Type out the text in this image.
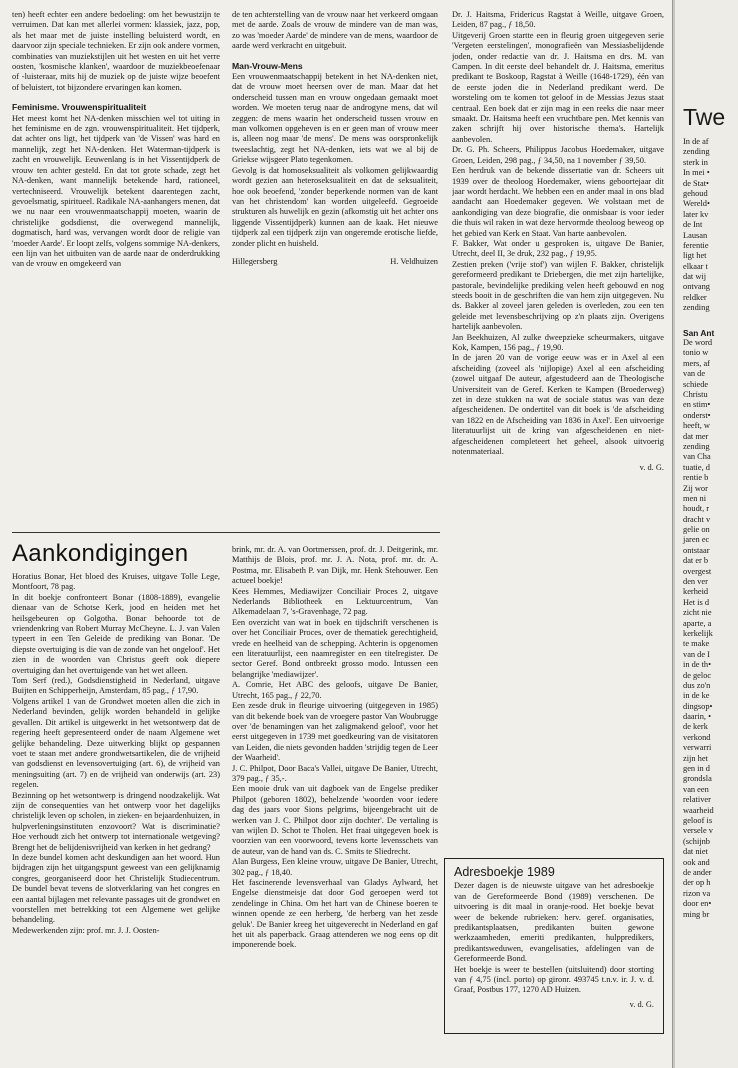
ten) heeft echter een andere bedoeling: om het bewustzijn te verruimen. Dat kan met allerlei vormen: klassiek, jazz, pop, als het maar met de juiste instelling beluisterd wordt, en daarvoor zijn speciale technieken. Er zijn ook andere vormen, combinaties van muziekstijlen uit het westen en uit het verre oosten, 'kosmische klanken', waardoor de muziekbeoefenaar of -luisteraar, mits hij de muziek op de juiste wijze beoefent of beluistert, tot bijzondere ervaringen kan komen.

Feminisme. Vrouwenspiritualiteit

Het meest komt het NA-denken misschien wel tot uiting in het feminisme en de zgn. vrouwenspiritualiteit. Het tijdperk, dat achter ons ligt, het tijdperk van 'de Vissen' was hard en mannelijk, zegt het NA-denken. Het Waterman-tijdperk is zacht en vrouwelijk. Eeuwenlang is in het Vissentijdperk de vrouw ten achter gesteld. En dat tot grote schade, zegt het NA-denken, want mannelijk betekende hard, rationeel, vertechniseerd. Vrouwelijk betekent daarentegen zacht, gevoelsmatig, spiritueel. Radikale NA-aanhangers menen, dat we nu naar een vrouwenmaatschappij moeten, waarin de christelijke godsdienst, die overwegend mannelijk, dogmatisch, hard was, vervangen wordt door de religie van 'moeder Aarde'. Er loopt zelfs, volgens sommige NA-denkers, een lijn van het uitbuiten van de aarde naar de onderdrukking van de vrouw en omgekeerd van

de ten achterstelling van de vrouw naar het verkeerd omgaan met de aarde. Zoals de vrouw de mindere van de man was, zo was 'moeder Aarde' de mindere van de mens, waardoor de aarde werd verkracht en uitgebuit.

Man-Vrouw-Mens

Een vrouwenmaatschappij betekent in het NA-denken niet, dat de vrouw moet heersen over de man. Maar dat het onderscheid tussen man en vrouw ongedaan gemaakt moet worden. We moeten terug naar de androgyne mens, dat wil zeggen: de mens waarin het onderscheid tussen vrouw en man volkomen opgeheven is en er geen man of vrouw meer is, alleen nog maar 'de mens'. De mens was oorspronkelijk tweeslachtig, zegt het NA-denken, iets wat we al bij de Griekse wijsgeer Plato tegenkomen.

Gevolg is dat homoseksualiteit als volkomen gelijkwaardig wordt gezien aan heteroseksualiteit en dat de seksualiteit, hoe ook beoefend, 'zonder beperkende normen van de kant van het christendom' kan worden uitgeleefd. Gegroeide strukturen als huwelijk en gezin (afkomstig uit het achter ons liggende Vissentijdperk) kunnen aan de kaak. Het nieuwe tijdperk zal een tijdperk zijn van ongeremde erotische liefde, zonder plicht en huisheld.

Hillegersberg	H. Veldhuizen

Dr. J. Haitsma, Fridericus Ragstat à Weille, uitgave Groen, Leiden, 87 pag., ƒ 18,50.

Uitgeverij Groen startte een in fleurig groen uitgegeven serie 'Vergeten eerstelingen', monografieën van Messiasbelijdende joden, onder redactie van dr. J. Haitsma en drs. M. van Campen. In dit eerste deel behandelt dr. J. Haitsma, emeritus predikant te Boskoop, Ragstat à Weille (1648-1729), één van de eerste joden die in Nederland predikant werd. De worsteling om te komen tot geloof in de Messias Jezus staat centraal. Een boek dat er zijn mag in een reeks die naar meer smaakt. Dr. Haitsma heeft een vruchtbare pen. Met kennis van zaken schrijft hij over historische thema's. Hartelijk aanbevolen.

Dr. G. Ph. Scheers, Philippus Jacobus Hoedemaker, uitgave Groen, Leiden, 298 pag., ƒ 34,50, na 1 november ƒ 39,50.

Een herdruk van de bekende dissertatie van dr. Scheers uit 1939 over de theoloog Hoedemaker, wiens geboortejaar dit jaar wordt herdacht. We hebben een en ander maal in ons blad aandacht aan Hoedemaker gegeven. We volstaan met de aankondiging van deze biografie, die onmisbaar is voor ieder die thuis wil raken in wat deze hervormde theoloog beweog op het gebied van Kerk en Staat. Van harte aanbevolen.

F. Bakker, Wat onder u gesproken is, uitgave De Banier, Utrecht, deel II, 3e druk, 232 pag., ƒ 19,95.

Zestien preken ('vrije stof') van wijlen F. Bakker, christelijk gereformeerd predikant te Driebergen, die met zijn hartelijke, pastorale, bevindelijke prediking velen heeft gebouwd en nog steeds booit in de geschriften die van hem zijn uitgegeven. Nu ds. Bakker al zoveel jaren geleden is overleden, zou een ten geleide met levensbeschrijving op z'n plaats zijn. Overigens hartelijk aanbevolen.

Jan Beekhuizen, Al zulke dweepzieke scheurmakers, uitgave Kok, Kampen, 156 pag., ƒ 19,90.

In de jaren 20 van de vorige eeuw was er in Axel al een afscheiding (zoveel als 'nijlopige) Axel al een afscheiding (zowel uitgaaf De auteur, afgestudeerd aan de Theologische Universiteit van de Geref. Kerken te Kampen (Broederweg) zet in deze stukken na wat de sociale status was van deze afgescheidenen. De ondertitel van dit boek is 'de afscheiding van 1822 en de Afscheiding van 1836 in Axel'. Een uitvoerige literatuurlijst uit de kring van afgescheidenen en niet-afgescheidenen completeert het geheel, alsook uitvoerig notenmateriaal.

v. d. G.
Aankondigingen

Horatius Bonar, Het bloed des Kruises, uitgave Tolle Lege, Montfoort, 78 pag.

In dit boekje confronteert Bonar (1808-1889), evangelie dienaar van de Schotse Kerk, jood en heiden met het heilsgebeuren op Golgotha. Bonar behoorde tot de vriendenkring van Robert Murray McCheyne. L. J. van Valen typeert in een Ten Geleide de prediking van Bonar. 'De diepste overtuiging is die van de zonde van het ongeloof'. Het zien in de woorden van Christus geeft ook diepere overtuiging dan het overtuigende van het wet alleen.

Tom Serf (red.), Godsdienstigheid in Nederland, uitgave Buijten en Schipperheijn, Amsterdam, 85 pag., ƒ 17,90.

Volgens artikel 1 van de Grondwet moeten allen die zich in Nederland bevinden, gelijk worden behandeld in gelijke gevallen. Dit artikel is uitgewerkt in het wetsontwerp dat de regering heeft gepresenteerd onder de naam Algemene wet gelijke behandeling. Deze uitwerking blijkt op gespannen voet te staan met andere grondwetsartikelen, die de vrijheid van godsdienst en levensovertuiging (art. 6), de vrijheid van meningsuiting (art. 7) en de vrijheid van onderwijs (art. 23) regelen.

Bezinning op het wetsontwerp is dringend noodzakelijk. Wat zijn de consequenties van het ontwerp voor het dagelijks christelijk leven op scholen, in zieken- en bejaardenhuizen, in hulpverleningsinstituten enzovoort? Wat is discriminatie? Hoe verhoudt zich het ontwerp tot internationale wetgeving? Brengt het de belijdenisvrijheid van kerken in het gedrang?

In deze bundel komen acht deskundigen aan het woord. Hun bijdragen zijn het uitgangspunt geweest van een gelijknamig congres, georganiseerd door het Christelijk Studiecentrum. De bundel bevat tevens de slotverklaring van het congres en een aantal bijlagen met relevante passages uit de grondwet en voorstellen met betrekking tot een Algemene wet gelijke behandeling.

Medewerkenden zijn: prof. mr. J. J. Oosten-

brink, mr. dr. A. van Oortmerssen, prof. dr. J. Deitgerink, mr. Matthijs de Blois, prof. mr. J. A. Nota, prof. mr. dr. A. Postma, mr. Elisabeth P. van Dijk, mr. Henk Stehouwer. Een actueel boekje!

Kees Hemmes, Mediawijzer Conciliair Proces 2, uitgave Nederlands Bibliotheek en Lektuurcentrum, Van Alkemadelaan 7, 's-Gravenhage, 72 pag.

Een overzicht van wat in boek en tijdschrift verschenen is over het Conciliair Proces, over de thematiek gerechtigheid, vrede en heelheid van de schepping. Achterin is opgenomen een literatuurlijst, een naamregister en een titelregister. De sector Geref. Bond ontbreekt grosso modo. Intussen een belangrijke 'mediawijzer'.

A. Comrie, Het ABC des geloofs, uitgave De Banier, Utrecht, 165 pag., ƒ 22,70.

Een zesde druk in fleurige uitvoering (uitgegeven in 1985) van dit bekende boek van de vroegere pastor Van Woubrugge over 'de benamingen van het zaligmakend geloof', voor het eerst uitgegeven in 1739 met goedkeuring van de visitatoren van Leiden, die niets gevonden hadden 'strijdig tegen de Leer der Waarheid'.

J. C. Philpot, Door Baca's Vallei, uitgave De Banier, Utrecht, 379 pag., ƒ 35,-.

Een mooie druk van uit dagboek van de Engelse prediker Philpot (geboren 1802), behelzende 'woorden voor iedere dag des jaars voor Sions pelgrims, bijeengebracht uit de werken van J. C. Philpot door zijn dochter'. De vertaling is van wijlen D. Schot te Tholen. Het fraai uitgegeven boek is voorzien van een voorwoord, tevens korte levensschets van de auteur, van de hand van ds. C. Smits te Sliedrecht.

Alan Burgess, Een kleine vrouw, uitgave De Banier, Utrecht, 302 pag., ƒ 18,40.

Het fascinerende levensverhaal van Gladys Aylward, het Engelse dienstmeisje dat door God geroepen werd tot zendelinge in China. Om het hart van de Chinese boeren te winnen opende ze een herberg, 'de herberg van het zesde geluk'. De Banier kreeg het uitgeverecht in Nederland en gaf het uit als paperback. Graag attenderen we nog eens op dit imponerende boek.

Adresboekje 1989

Dezer dagen is de nieuwste uitgave van het adresboekje van de Gereformeerde Bond (1989) verschenen. De uitvoering is dit maal in oranje-rood. Het boekje bevat weer de bekende rubrieken: herv. geref. organisaties, predikantsplaatsen, predikanten buiten gewone werkzaamheden, emeriti predikanten, hulppredikers, predikantsweduwen, evangelisaties, afdelingen van de Gereformeerde Bond.

Het boekje is weer te bestellen (uitsluitend) door storting van ƒ 4,75 (incl. porto) op gironr. 493745 t.n.v. ir. J. v. d. Graaf, Postbus 177, 1270 AD Huizen.

v. d. G.
Twe
In de af
zending
sterk in
In mei •
de Stat•
gehoud
Wereld•
later kv
de Int
Lausan
ferentie
ligt het
elkaar t
dat wij
ontvang
reldker
zending
San Ant
De word
tonio w
mers, af
van de
schiede
Christu
en stim•
onderst•
heeft, w
dat mer
zending
van Cha
tuatie, d
rentie b
Zij wor
men ni
houdt, r
dracht v
gelie on
jaren ec
ontstaar
dat er b
overgest
den ver
kerheid
Het is d
zicht nie
aparte, a
kerkelijk
te make
van de I
in de th•
de geloc
dus zo'n
in de ke
dingsop•
daarin, •
de kerk
verkond
verwarri
zijn het
gen in d
grondsla
van een
relativer
waarheid
geloof is
versele v
(schijnb
dat niet
ook and
de ander
der op h
rizon va
door en•
ming br
